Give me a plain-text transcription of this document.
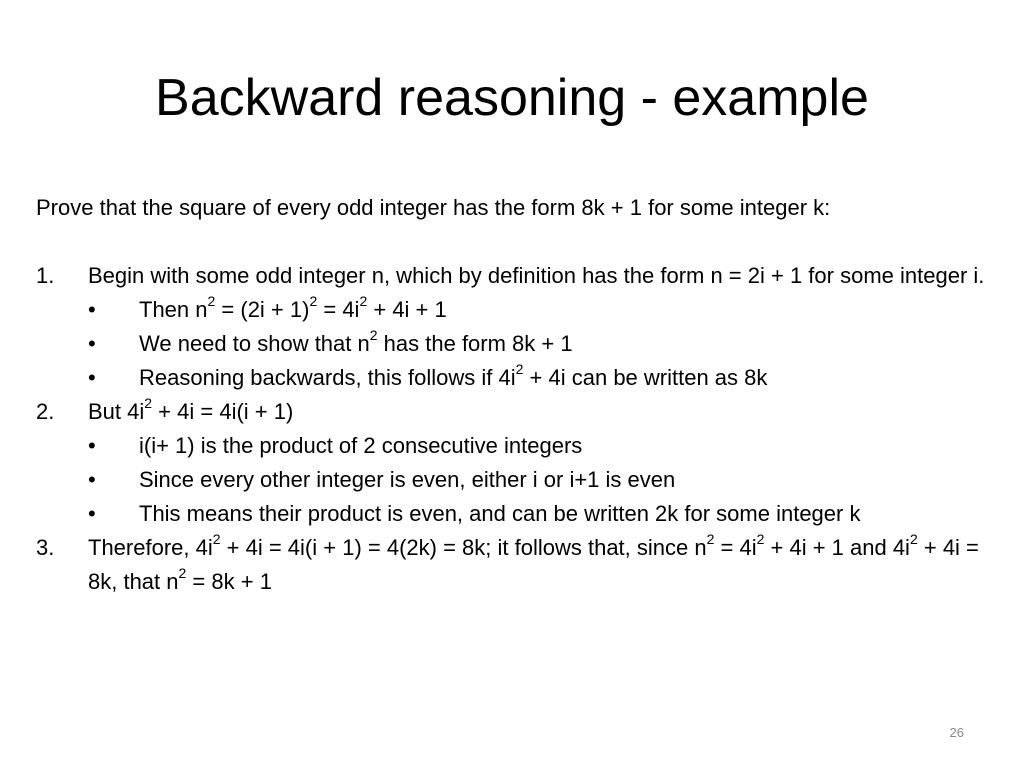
Backward reasoning - example
Prove that the square of every odd integer has the form 8k + 1 for some integer k:
1.	Begin with some odd integer n, which by definition has the form n = 2i + 1 for some integer i.
• Then $n^2 = (2i + 1)^2 = 4i^2 + 4i + 1$
• We need to show that $n^2$ has the form 8k + 1
• Reasoning backwards, this follows if $4i^2 + 4i$ can be written as 8k
2.	But $4i^2 + 4i = 4i(i + 1)$
• i(i+ 1) is the product of 2 consecutive integers
• Since every other integer is even, either i or i+1 is even
• This means their product is even, and can be written 2k for some integer k
3.	Therefore, $4i^2 + 4i = 4i(i + 1) = 4(2k) = 8k$; it follows that, since $n^2 = 4i^2 + 4i + 1$ and $4i^2 + 4i = 8k$, that $n^2 = 8k + 1$
26
